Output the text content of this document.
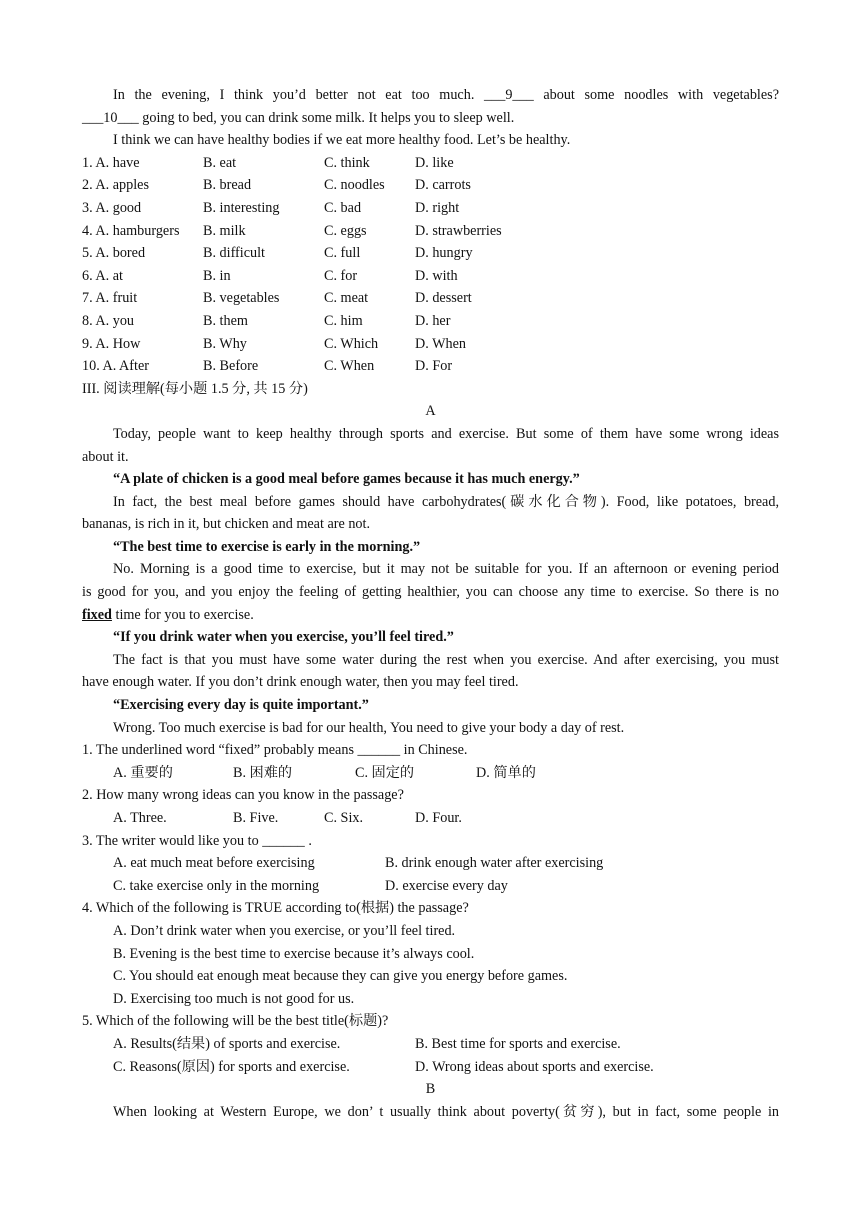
In the evening, I think you’d better not eat too much. ___9___ about some noodles with vegetables?
___10___ going to bed, you can drink some milk. It helps you to sleep well.
I think we can have healthy bodies if we eat more healthy food. Let’s be healthy.
1. A. have	B. eat	C. think	D. like
2. A. apples	B. bread	C. noodles D. carrots
3. A. good	B. interesting	C. bad	D. right
4. A. hamburgers B. milk	C. eggs	D. strawberries
5. A. bored	B. difficult	C. full	D. hungry
6. A. at	B. in	C. for	D. with
7. A. fruit	B. vegetables	C. meat	D. dessert
8. A. you	B. them	C. him	D. her
9. A. How	B. Why	C. Which	D. When
10. A. After	B. Before	C. When	D. For
III. 阅读理解(每小题 1.5 分, 共 15 分)
A
Today, people want to keep healthy through sports and exercise. But some of them have some wrong ideas
about it.
“A plate of chicken is a good meal before games because it has much energy.”
In fact, the best meal before games should have carbohydrates(碳水化合物). Food, like potatoes, bread,
bananas, is rich in it, but chicken and meat are not.
“The best time to exercise is early in the morning.”
No. Morning is a good time to exercise, but it may not be suitable for you. If an afternoon or evening period
is good for you, and you enjoy the feeling of getting healthier, you can choose any time to exercise. So there is no
fixed time for you to exercise.
“If you drink water when you exercise, you’ll feel tired.”
The fact is that you must have some water during the rest when you exercise. And after exercising, you must
have enough water. If you don’t drink enough water, then you may feel tired.
“Exercising every day is quite important.”
Wrong. Too much exercise is bad for our health, You need to give your body a day of rest.
1. The underlined word “fixed” probably means ______ in Chinese.
A. 重要的	B. 困难的	C. 固定的	D. 简单的
2. How many wrong ideas can you know in the passage?
A. Three.	B. Five.	C. Six.	D. Four.
3. The writer would like you to ______ .
A. eat much meat before exercising	B. drink enough water after exercising
C. take exercise only in the morning	D. exercise every day
4. Which of the following is TRUE according to(根据) the passage?
A. Don’t drink water when you exercise, or you’ll feel tired.
B. Evening is the best time to exercise because it’s always cool.
C. You should eat enough meat because they can give you energy before games.
D. Exercising too much is not good for us.
5. Which of the following will be the best title(标题)?
A. Results(结果) of sports and exercise.	B. Best time for sports and exercise.
C. Reasons(原因) for sports and exercise.	D. Wrong ideas about sports and exercise.
B
When looking at Western Europe, we don’ t usually think about poverty(贫穷), but in fact, some people in
